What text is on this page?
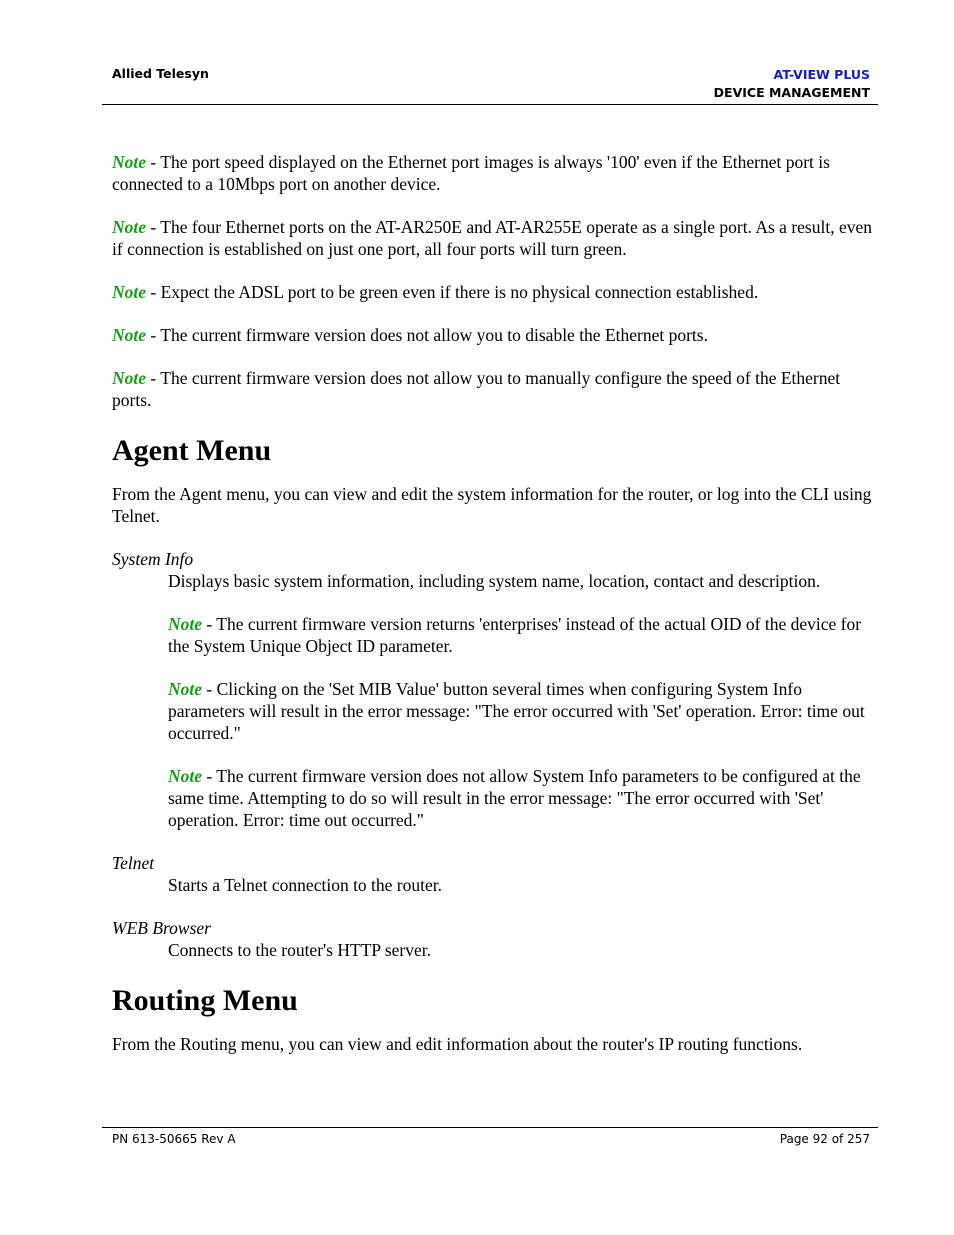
Allied Telesyn	AT-VIEW PLUS
DEVICE MANAGEMENT

Note - The port speed displayed on the Ethernet port images is always '100' even if the Ethernet port is connected to a 10Mbps port on another device.

Note - The four Ethernet ports on the AT-AR250E and AT-AR255E operate as a single port. As a result, even if connection is established on just one port, all four ports will turn green.

Note - Expect the ADSL port to be green even if there is no physical connection established.

Note - The current firmware version does not allow you to disable the Ethernet ports.

Note - The current firmware version does not allow you to manually configure the speed of the Ethernet ports.

Agent Menu

From the Agent menu, you can view and edit the system information for the router, or log into the CLI using Telnet.

System Info

Displays basic system information, including system name, location, contact and description.

Note - The current firmware version returns 'enterprises' instead of the actual OID of the device for the System Unique Object ID parameter.

Note - Clicking on the 'Set MIB Value' button several times when configuring System Info parameters will result in the error message: "The error occurred with 'Set' operation. Error: time out occurred."

Note - The current firmware version does not allow System Info parameters to be configured at the same time. Attempting to do so will result in the error message: "The error occurred with 'Set' operation. Error: time out occurred."

Telnet

Starts a Telnet connection to the router.

WEB Browser

Connects to the router's HTTP server.

Routing Menu

From the Routing menu, you can view and edit information about the router's IP routing functions.

PN 613-50665 Rev A	Page 92 of 257
